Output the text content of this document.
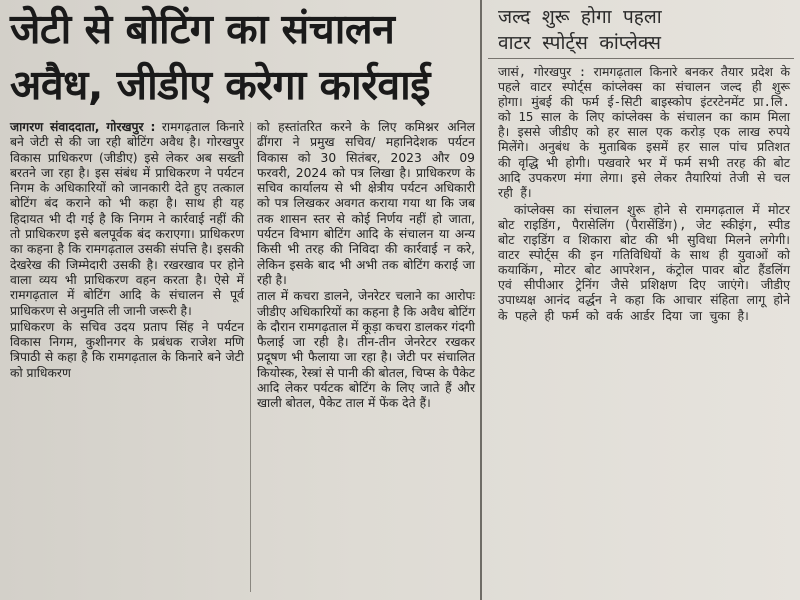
जेटी से बोटिंग का संचालन
अवैध, जीडीए करेगा कार्रवाई

जागरण संवाददाता, गोरखपुर : रामगढ़ताल किनारे बने जेटी से की जा रही बोटिंग अवैध है। गोरखपुर विकास प्राधिकरण (जीडीए) इसे लेकर अब सख्ती बरतने जा रहा है। इस संबंध में प्राधिकरण ने पर्यटन निगम के अधिकारियों को जानकारी देते हुए तत्काल बोटिंग बंद कराने को भी कहा है। साथ ही यह हिदायत भी दी गई है कि निगम ने कार्रवाई नहीं की तो प्राधिकरण इसे बलपूर्वक बंद कराएगा। प्राधिकरण का कहना है कि रामगढ़ताल उसकी संपत्ति है। इसकी देखरेख की जिम्मेदारी उसकी है। रखरखाव पर होने वाला व्यय भी प्राधिकरण वहन करता है। ऐसे में रामगढ़ताल में बोटिंग आदि के संचालन से पूर्व प्राधिकरण से अनुमति ली जानी जरूरी है।

प्राधिकरण के सचिव उदय प्रताप सिंह ने पर्यटन विकास निगम, कुशीनगर के प्रबंधक राजेश मणि त्रिपाठी से कहा है कि रामगढ़ताल के किनारे बने जेटी को प्राधिकरण

को हस्तांतरित करने के लिए कमिश्नर अनिल ढींगरा ने प्रमुख सचिव/ महानिदेशक पर्यटन विकास को 30 सितंबर, 2023 और 09 फरवरी, 2024 को पत्र लिखा है। प्राधिकरण के सचिव कार्यालय से भी क्षेत्रीय पर्यटन अधिकारी को पत्र लिखकर अवगत कराया गया था कि जब तक शासन स्तर से कोई निर्णय नहीं हो जाता, पर्यटन विभाग बोटिंग आदि के संचालन या अन्य किसी भी तरह की निविदा की कार्रवाई न करे, लेकिन इसके बाद भी अभी तक बोटिंग कराई जा रही है।

ताल में कचरा डालने, जेनरेटर चलाने का आरोपः जीडीए अधिकारियों का कहना है कि अवैध बोटिंग के दौरान रामगढ़ताल में कूड़ा कचरा डालकर गंदगी फैलाई जा रही है। तीन-तीन जेनरेटर रखकर प्रदूषण भी फैलाया जा रहा है। जेटी पर संचालित कियोस्क, रेस्त्रां से पानी की बोतल, चिप्स के पैकेट आदि लेकर पर्यटक बोटिंग के लिए जाते हैं और खाली बोतल, पैकेट ताल में फेंक देते हैं।

जल्द शुरू होगा पहला
वाटर स्पोर्ट्स कांप्लेक्स

जासं, गोरखपुर : रामगढ़ताल किनारे बनकर तैयार प्रदेश के पहले वाटर स्पोर्ट्स कांप्लेक्स का संचालन जल्द ही शुरू होगा। मुंबई की फर्म ई-सिटी बाइस्कोप इंटरटेनमेंट प्रा.लि. को 15 साल के लिए कांप्लेक्स के संचालन का काम मिला है। इससे जीडीए को हर साल एक करोड़ एक लाख रुपये मिलेंगे। अनुबंध के मुताबिक इसमें हर साल पांच प्रतिशत की वृद्धि भी होगी। पखवारे भर में फर्म सभी तरह की बोट आदि उपकरण मंगा लेगा। इसे लेकर तैयारियां तेजी से चल रही हैं।

कांप्लेक्स का संचालन शुरू होने से रामगढ़ताल में मोटर बोट राइडिंग, पैरासेलिंग (पैरासेंडिंग), जेट स्कीइंग, स्पीड बोट राइडिंग व शिकारा बोट की भी सुविधा मिलने लगेगी। वाटर स्पोर्ट्स की इन गतिविधियों के साथ ही युवाओं को कयाकिंग, मोटर बोट आपरेशन, कंट्रोल पावर बोट हैंडलिंग एवं सीपीआर ट्रेनिंग जैसे प्रशिक्षण दिए जाएंगे। जीडीए उपाध्यक्ष आनंद वर्द्धन ने कहा कि आचार संहिता लागू होने के पहले ही फर्म को वर्क आर्डर दिया जा चुका है।
